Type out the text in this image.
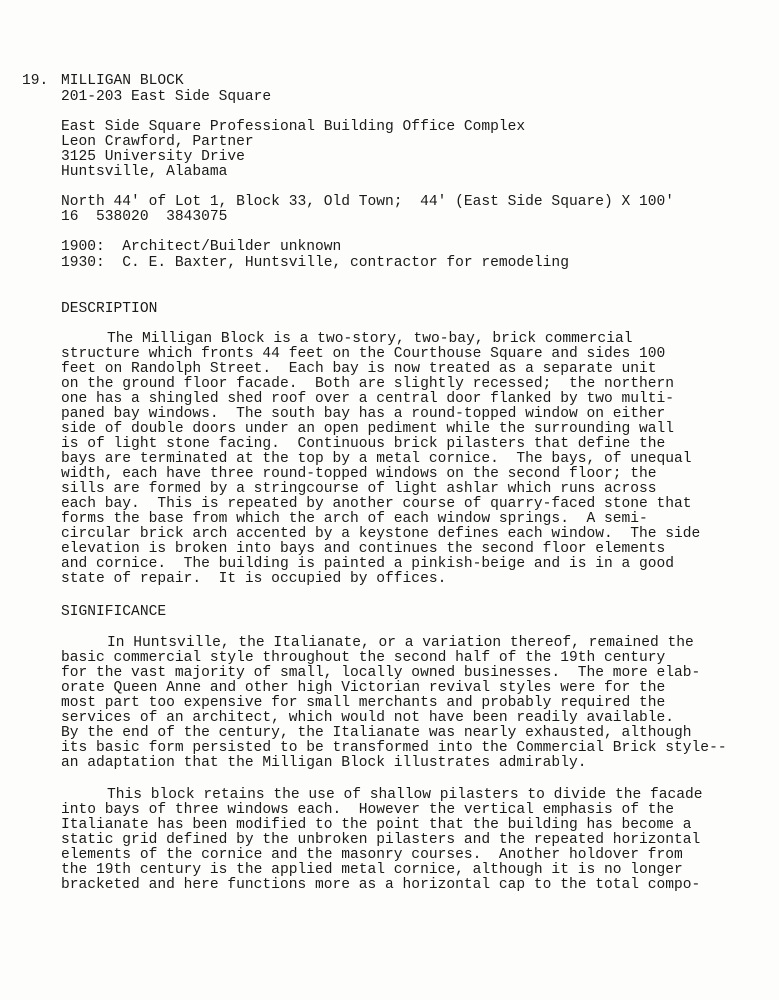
19. MILLIGAN BLOCK
201-203 East Side Square
East Side Square Professional Building Office Complex
Leon Crawford, Partner
3125 University Drive
Huntsville, Alabama
North 44' of Lot 1, Block 33, Old Town;  44' (East Side Square) X 100'
16  538020  3843075
1900:  Architect/Builder unknown
1930:  C. E. Baxter, Huntsville, contractor for remodeling
DESCRIPTION
The Milligan Block is a two-story, two-bay, brick commercial
structure which fronts 44 feet on the Courthouse Square and sides 100
feet on Randolph Street.  Each bay is now treated as a separate unit
on the ground floor facade.  Both are slightly recessed;  the northern
one has a shingled shed roof over a central door flanked by two multi-
paned bay windows.  The south bay has a round-topped window on either
side of double doors under an open pediment while the surrounding wall
is of light stone facing.  Continuous brick pilasters that define the
bays are terminated at the top by a metal cornice.  The bays, of unequal
width, each have three round-topped windows on the second floor; the
sills are formed by a stringcourse of light ashlar which runs across
each bay.  This is repeated by another course of quarry-faced stone that
forms the base from which the arch of each window springs.  A semi-
circular brick arch accented by a keystone defines each window.  The side
elevation is broken into bays and continues the second floor elements
and cornice.  The building is painted a pinkish-beige and is in a good
state of repair.  It is occupied by offices.
SIGNIFICANCE
In Huntsville, the Italianate, or a variation thereof, remained the
basic commercial style throughout the second half of the 19th century
for the vast majority of small, locally owned businesses.  The more elab-
orate Queen Anne and other high Victorian revival styles were for the
most part too expensive for small merchants and probably required the
services of an architect, which would not have been readily available.
By the end of the century, the Italianate was nearly exhausted, although
its basic form persisted to be transformed into the Commercial Brick style--
an adaptation that the Milligan Block illustrates admirably.
This block retains the use of shallow pilasters to divide the facade
into bays of three windows each.  However the vertical emphasis of the
Italianate has been modified to the point that the building has become a
static grid defined by the unbroken pilasters and the repeated horizontal
elements of the cornice and the masonry courses.  Another holdover from
the 19th century is the applied metal cornice, although it is no longer
bracketed and here functions more as a horizontal cap to the total compo-
